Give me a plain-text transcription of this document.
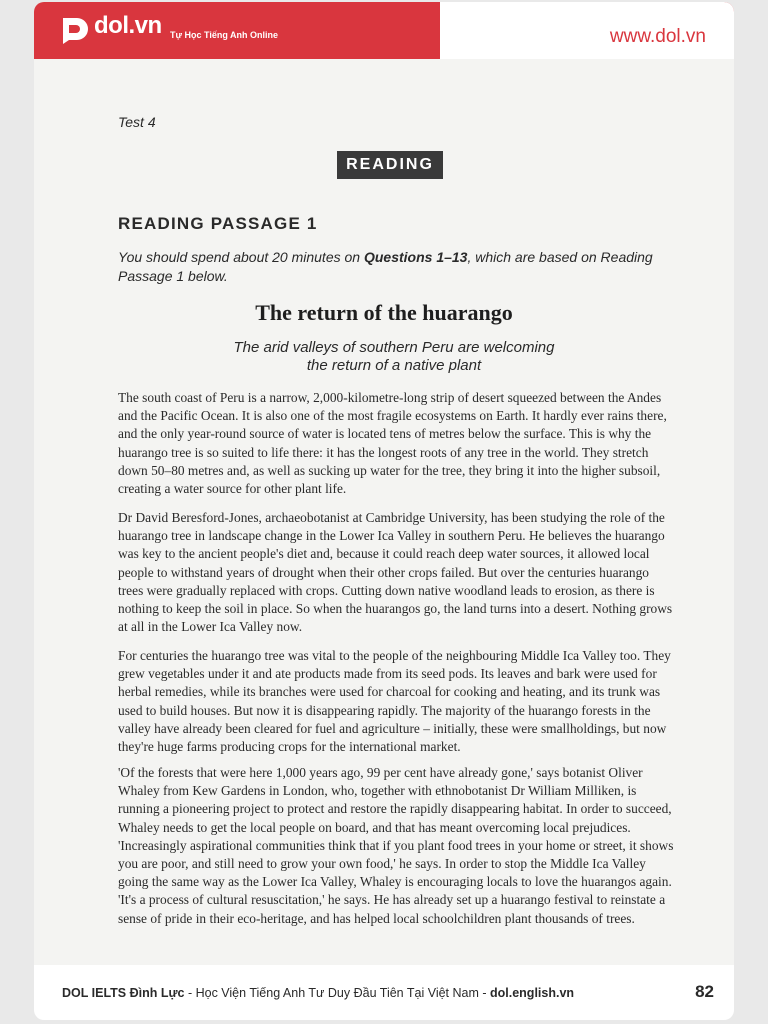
dol.vn Tự Học Tiếng Anh Online	www.dol.vn
Test 4
READING
READING PASSAGE 1
You should spend about 20 minutes on Questions 1–13, which are based on Reading Passage 1 below.
The return of the huarango
The arid valleys of southern Peru are welcoming
the return of a native plant

The south coast of Peru is a narrow, 2,000-kilometre-long strip of desert squeezed between the Andes and the Pacific Ocean. It is also one of the most fragile ecosystems on Earth. It hardly ever rains there, and the only year-round source of water is located tens of metres below the surface. This is why the huarango tree is so suited to life there: it has the longest roots of any tree in the world. They stretch down 50–80 metres and, as well as sucking up water for the tree, they bring it into the higher subsoil, creating a water source for other plant life.

Dr David Beresford-Jones, archaeobotanist at Cambridge University, has been studying the role of the huarango tree in landscape change in the Lower Ica Valley in southern Peru. He believes the huarango was key to the ancient people's diet and, because it could reach deep water sources, it allowed local people to withstand years of drought when their other crops failed. But over the centuries huarango trees were gradually replaced with crops. Cutting down native woodland leads to erosion, as there is nothing to keep the soil in place. So when the huarangos go, the land turns into a desert. Nothing grows at all in the Lower Ica Valley now.

For centuries the huarango tree was vital to the people of the neighbouring Middle Ica Valley too. They grew vegetables under it and ate products made from its seed pods. Its leaves and bark were used for herbal remedies, while its branches were used for charcoal for cooking and heating, and its trunk was used to build houses. But now it is disappearing rapidly. The majority of the huarango forests in the valley have already been cleared for fuel and agriculture – initially, these were smallholdings, but now they're huge farms producing crops for the international market.

'Of the forests that were here 1,000 years ago, 99 per cent have already gone,' says botanist Oliver Whaley from Kew Gardens in London, who, together with ethnobotanist Dr William Milliken, is running a pioneering project to protect and restore the rapidly disappearing habitat. In order to succeed, Whaley needs to get the local people on board, and that has meant overcoming local prejudices. 'Increasingly aspirational communities think that if you plant food trees in your home or street, it shows you are poor, and still need to grow your own food,' he says. In order to stop the Middle Ica Valley going the same way as the Lower Ica Valley, Whaley is encouraging locals to love the huarangos again. 'It's a process of cultural resuscitation,' he says. He has already set up a huarango festival to reinstate a sense of pride in their eco-heritage, and has helped local schoolchildren plant thousands of trees.

DOL IELTS Đình Lực - Học Viện Tiếng Anh Tư Duy Đầu Tiên Tại Việt Nam - dol.english.vn	82
